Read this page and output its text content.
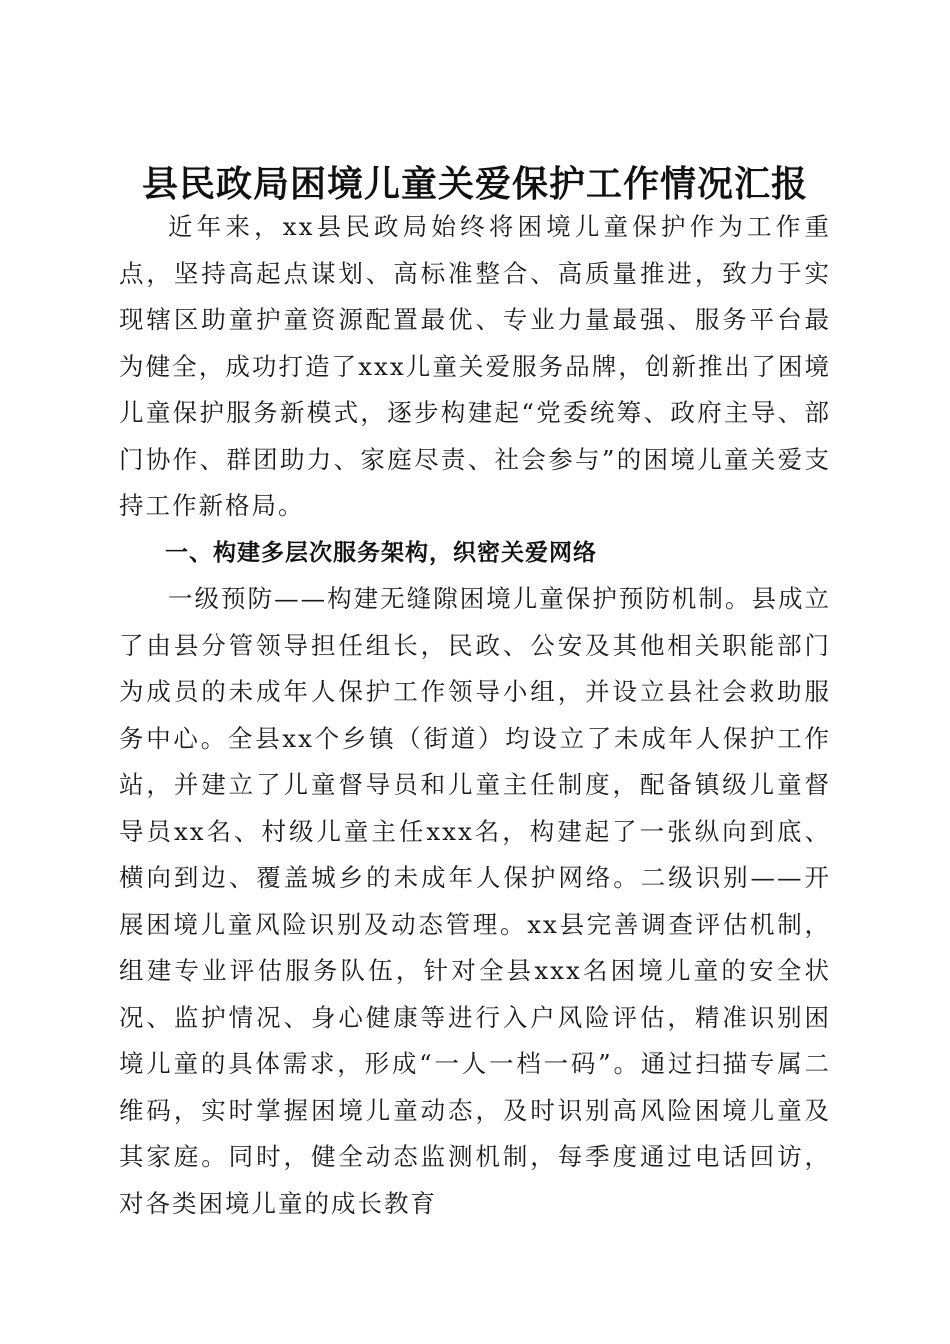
县民政局困境儿童关爱保护工作情况汇报

近年来，xx县民政局始终将困境儿童保护作为工作重点，坚持高起点谋划、高标准整合、高质量推进，致力于实现辖区助童护童资源配置最优、专业力量最强、服务平台最为健全，成功打造了xxx儿童关爱服务品牌，创新推出了困境儿童保护服务新模式，逐步构建起“党委统筹、政府主导、部门协作、群团助力、家庭尽责、社会参与”的困境儿童关爱支持工作新格局。

一、构建多层次服务架构，织密关爱网络

一级预防——构建无缝隙困境儿童保护预防机制。县成立了由县分管领导担任组长，民政、公安及其他相关职能部门为成员的未成年人保护工作领导小组，并设立县社会救助服务中心。全县xx个乡镇（街道）均设立了未成年人保护工作站，并建立了儿童督导员和儿童主任制度，配备镇级儿童督导员xx名、村级儿童主任xxx名，构建起了一张纵向到底、横向到边、覆盖城乡的未成年人保护网络。二级识别——开展困境儿童风险识别及动态管理。xx县完善调查评估机制，组建专业评估服务队伍，针对全县xxx名困境儿童的安全状况、监护情况、身心健康等进行入户风险评估，精准识别困境儿童的具体需求，形成“一人一档一码”。通过扫描专属二维码，实时掌握困境儿童动态，及时识别高风险困境儿童及其家庭。同时，健全动态监测机制，每季度通过电话回访，对各类困境儿童的成长教育
